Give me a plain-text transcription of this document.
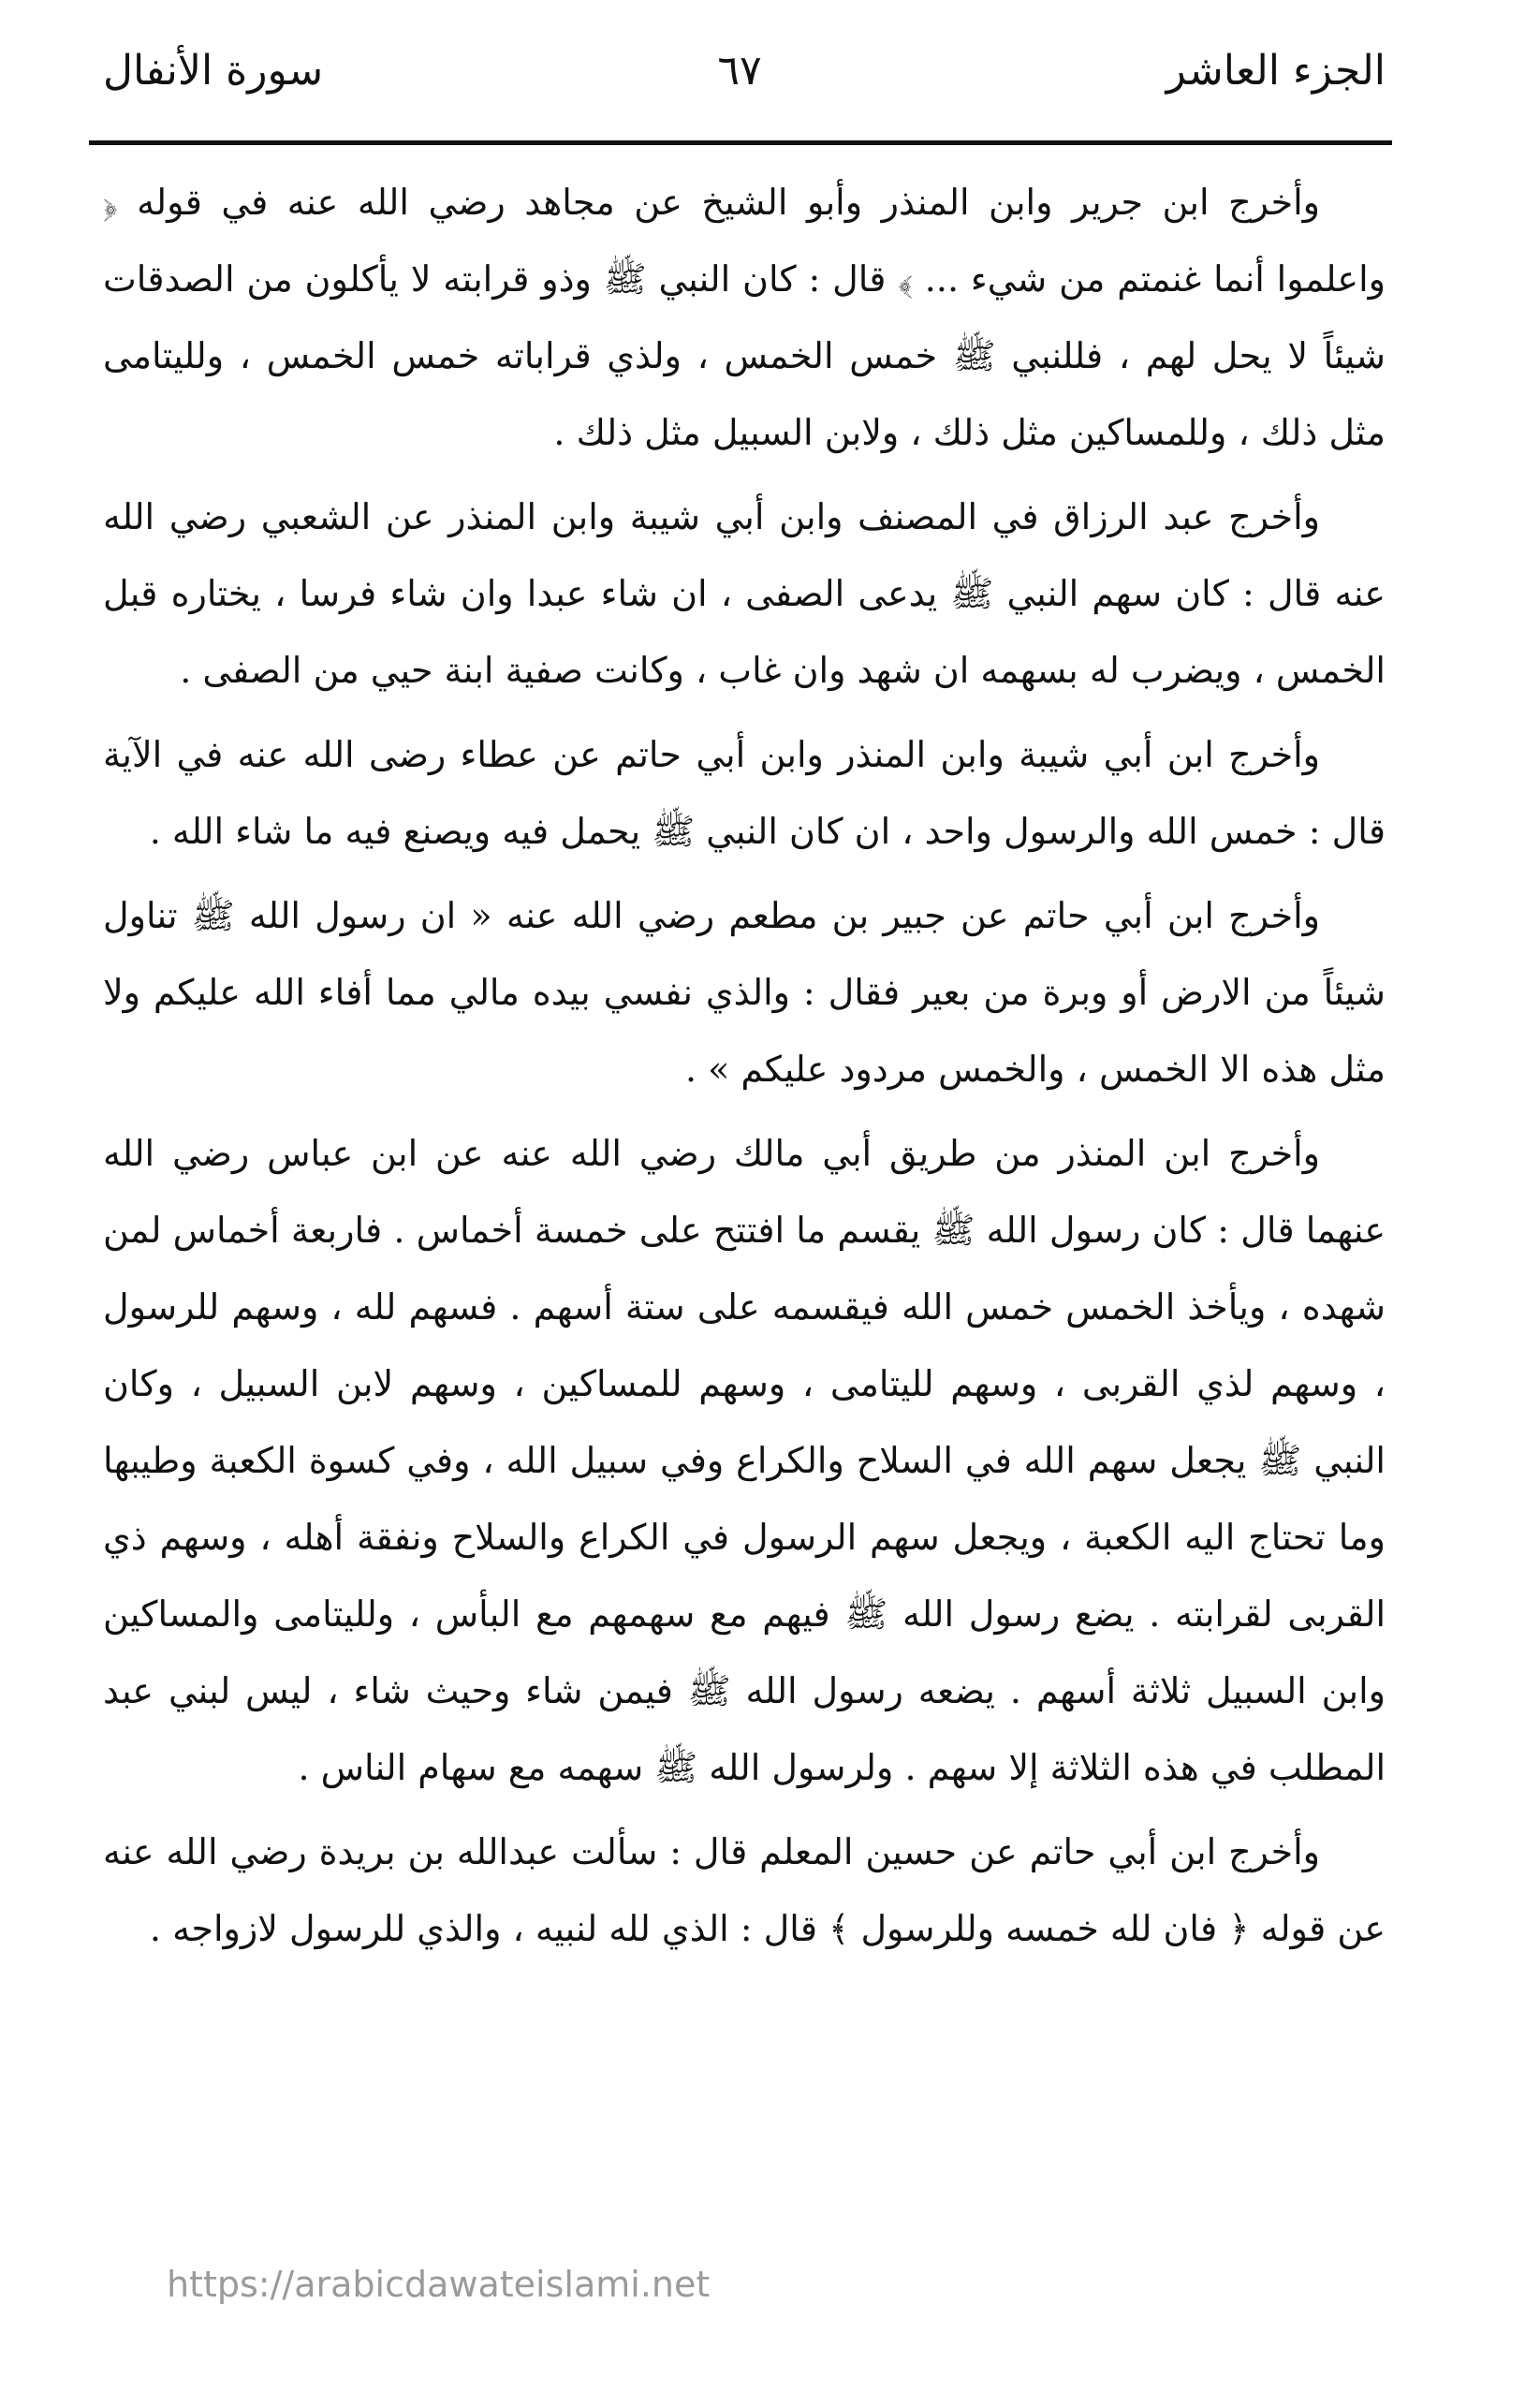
الجزء العاشر
٦٧
سورة الأنفال

وأخرج ابن جرير وابن المنذر وأبو الشيخ عن مجاهد رضي الله عنه في قوله ﴿ واعلموا أنما غنمتم من شيء ... ﴾ قال : كان النبي ﷺ وذو قرابته لا يأكلون من الصدقات شيئاً لا يحل لهم ، فللنبي ﷺ خمس الخمس ، ولذي قراباته خمس الخمس ، ولليتامى مثل ذلك ، وللمساكين مثل ذلك ، ولابن السبيل مثل ذلك .

وأخرج عبد الرزاق في المصنف وابن أبي شيبة وابن المنذر عن الشعبي رضي الله عنه قال : كان سهم النبي ﷺ يدعى الصفى ، ان شاء عبدا وان شاء فرسا ، يختاره قبل الخمس ، ويضرب له بسهمه ان شهد وان غاب ، وكانت صفية ابنة حيي من الصفى .

وأخرج ابن أبي شيبة وابن المنذر وابن أبي حاتم عن عطاء رضى الله عنه في الآية قال : خمس الله والرسول واحد ، ان كان النبي ﷺ يحمل فيه ويصنع فيه ما شاء الله .

وأخرج ابن أبي حاتم عن جبير بن مطعم رضي الله عنه « ان رسول الله ﷺ تناول شيئاً من الارض أو وبرة من بعير فقال : والذي نفسي بيده مالي مما أفاء الله عليكم ولا مثل هذه الا الخمس ، والخمس مردود عليكم » .

وأخرج ابن المنذر من طريق أبي مالك رضي الله عنه عن ابن عباس رضي الله عنهما قال : كان رسول الله ﷺ يقسم ما افتتح على خمسة أخماس . فاربعة أخماس لمن شهده ، ويأخذ الخمس خمس الله فيقسمه على ستة أسهم . فسهم لله ، وسهم للرسول ، وسهم لذي القربى ، وسهم لليتامى ، وسهم للمساكين ، وسهم لابن السبيل ، وكان النبي ﷺ يجعل سهم الله في السلاح والكراع وفي سبيل الله ، وفي كسوة الكعبة وطيبها وما تحتاج اليه الكعبة ، ويجعل سهم الرسول في الكراع والسلاح ونفقة أهله ، وسهم ذي القربى لقرابته . يضع رسول الله ﷺ فيهم مع سهمهم مع البأس ، ولليتامى والمساكين وابن السبيل ثلاثة أسهم . يضعه رسول الله ﷺ فيمن شاء وحيث شاء ، ليس لبني عبد المطلب في هذه الثلاثة إلا سهم . ولرسول الله ﷺ سهمه مع سهام الناس .

وأخرج ابن أبي حاتم عن حسين المعلم قال : سألت عبدالله بن بريدة رضي الله عنه عن قوله ﴿ فان لله خمسه وللرسول ﴾ قال : الذي لله لنبيه ، والذي للرسول لازواجه .

https://arabicdawateislami.net
